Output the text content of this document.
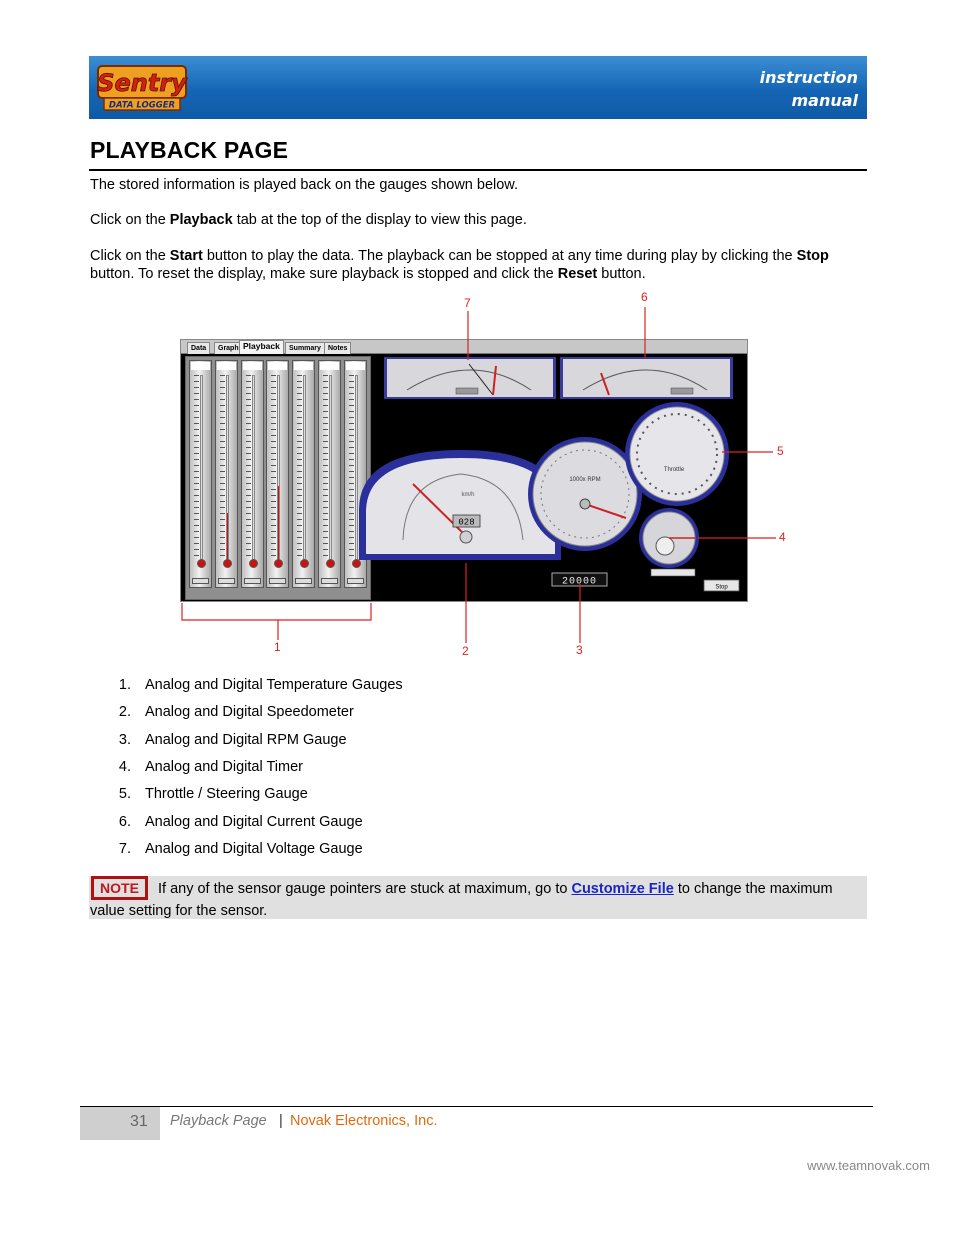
Sentry
DATA LOGGER
instruction
manual
PLAYBACK PAGE
The stored information is played back on the gauges shown below.
Click on the Playback tab at the top of the display to view this page.
Click on the Start button to play the data. The playback can be stopped at any time during play by clicking the Stop button. To reset the display, make sure playback is stopped and click the Reset button.
Data	Graph Playback	Summary	Notes
028
km/h
1000x RPM
20000
Throttle
Stop
1	2	3
4
5
6
7
1. Analog and Digital Temperature Gauges
2. Analog and Digital Speedometer
3. Analog and Digital RPM Gauge
4. Analog and Digital Timer
5. Throttle / Steering Gauge
6. Analog and Digital Current Gauge
7. Analog and Digital Voltage Gauge
NOTE	If any of the sensor gauge pointers are stuck at maximum, go to Customize File to change the maximum value setting for the sensor.
31 Playback Page | Novak Electronics, Inc.
www.teamnovak.com
